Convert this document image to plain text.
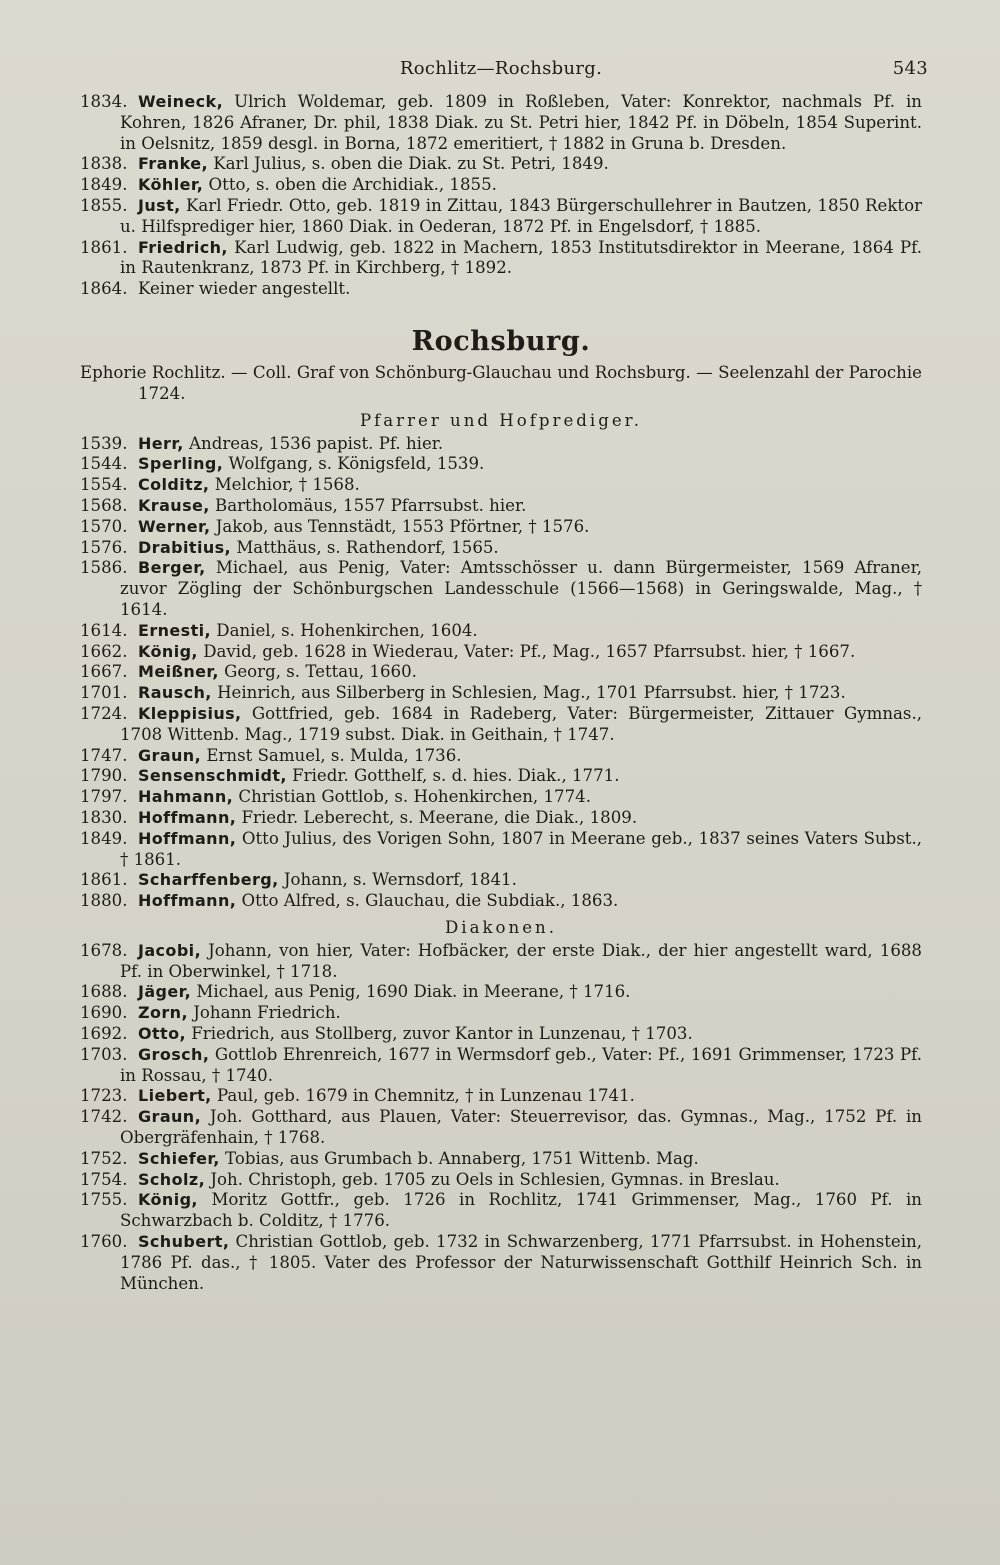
Rochlitz—Rochsburg.	543

1834. Weineck, Ulrich Woldemar, geb. 1809 in Roßleben, Vater: Konrektor, nachmals Pf. in Kohren, 1826 Afraner, Dr. phil, 1838 Diak. zu St. Petri hier, 1842 Pf. in Döbeln, 1854 Superint. in Oelsnitz, 1859 desgl. in Borna, 1872 emeritiert, † 1882 in Gruna b. Dresden.

1838. Franke, Karl Julius, s. oben die Diak. zu St. Petri, 1849.

1849. Köhler, Otto, s. oben die Archidiak., 1855.

1855. Just, Karl Friedr. Otto, geb. 1819 in Zittau, 1843 Bürgerschullehrer in Bautzen, 1850 Rektor u. Hilfsprediger hier, 1860 Diak. in Oederan, 1872 Pf. in Engelsdorf, † 1885.

1861. Friedrich, Karl Ludwig, geb. 1822 in Machern, 1853 Institutsdirektor in Meerane, 1864 Pf. in Rautenkranz, 1873 Pf. in Kirchberg, † 1892.

1864. Keiner wieder angestellt.

Rochsburg.

Ephorie Rochlitz. — Coll. Graf von Schönburg-Glauchau und Rochsburg. — Seelenzahl der Parochie 1724.

Pfarrer und Hofprediger.

1539. Herr, Andreas, 1536 papist. Pf. hier.

1544. Sperling, Wolfgang, s. Königsfeld, 1539.

1554. Colditz, Melchior, † 1568.

1568. Krause, Bartholomäus, 1557 Pfarrsubst. hier.

1570. Werner, Jakob, aus Tennstädt, 1553 Pförtner, † 1576.

1576. Drabitius, Matthäus, s. Rathendorf, 1565.

1586. Berger, Michael, aus Penig, Vater: Amtsschösser u. dann Bürgermeister, 1569 Afraner, zuvor Zögling der Schönburgschen Landesschule (1566—1568) in Geringswalde, Mag., † 1614.

1614. Ernesti, Daniel, s. Hohenkirchen, 1604.

1662. König, David, geb. 1628 in Wiederau, Vater: Pf., Mag., 1657 Pfarrsubst. hier, † 1667.

1667. Meißner, Georg, s. Tettau, 1660.

1701. Rausch, Heinrich, aus Silberberg in Schlesien, Mag., 1701 Pfarrsubst. hier, † 1723.

1724. Kleppisius, Gottfried, geb. 1684 in Radeberg, Vater: Bürgermeister, Zittauer Gymnas., 1708 Wittenb. Mag., 1719 subst. Diak. in Geithain, † 1747.

1747. Graun, Ernst Samuel, s. Mulda, 1736.

1790. Sensenschmidt, Friedr. Gotthelf, s. d. hies. Diak., 1771.

1797. Hahmann, Christian Gottlob, s. Hohenkirchen, 1774.

1830. Hoffmann, Friedr. Leberecht, s. Meerane, die Diak., 1809.

1849. Hoffmann, Otto Julius, des Vorigen Sohn, 1807 in Meerane geb., 1837 seines Vaters Subst., † 1861.

1861. Scharffenberg, Johann, s. Wernsdorf, 1841.

1880. Hoffmann, Otto Alfred, s. Glauchau, die Subdiak., 1863.

Diakonen.

1678. Jacobi, Johann, von hier, Vater: Hofbäcker, der erste Diak., der hier angestellt ward, 1688 Pf. in Oberwinkel, † 1718.

1688. Jäger, Michael, aus Penig, 1690 Diak. in Meerane, † 1716.

1690. Zorn, Johann Friedrich.

1692. Otto, Friedrich, aus Stollberg, zuvor Kantor in Lunzenau, † 1703.

1703. Grosch, Gottlob Ehrenreich, 1677 in Wermsdorf geb., Vater: Pf., 1691 Grimmenser, 1723 Pf. in Rossau, † 1740.

1723. Liebert, Paul, geb. 1679 in Chemnitz, † in Lunzenau 1741.

1742. Graun, Joh. Gotthard, aus Plauen, Vater: Steuerrevisor, das. Gymnas., Mag., 1752 Pf. in Obergräfenhain, † 1768.

1752. Schiefer, Tobias, aus Grumbach b. Annaberg, 1751 Wittenb. Mag.

1754. Scholz, Joh. Christoph, geb. 1705 zu Oels in Schlesien, Gymnas. in Breslau.

1755. König, Moritz Gottfr., geb. 1726 in Rochlitz, 1741 Grimmenser, Mag., 1760 Pf. in Schwarzbach b. Colditz, † 1776.

1760. Schubert, Christian Gottlob, geb. 1732 in Schwarzenberg, 1771 Pfarrsubst. in Hohenstein, 1786 Pf. das., † 1805. Vater des Professor der Naturwissenschaft Gotthilf Heinrich Sch. in München.
